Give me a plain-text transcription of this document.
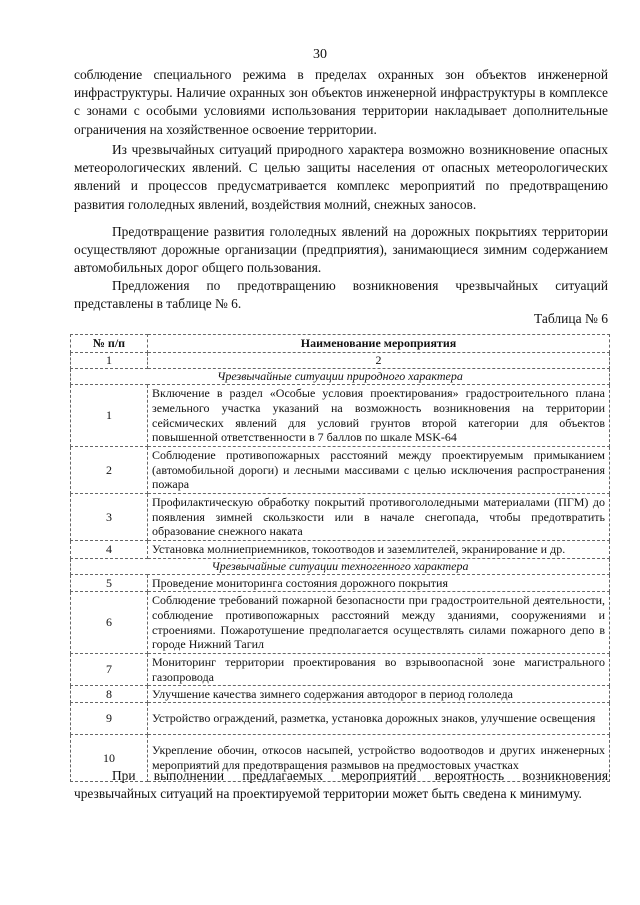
30

соблюдение специального режима в пределах охранных зон объектов инженерной инфраструктуры. Наличие охранных зон объектов инженерной инфраструктуры в комплексе с зонами с особыми условиями использования территории накладывает дополнительные ограничения на хозяйственное освоение территории.

Из чрезвычайных ситуаций природного характера возможно возникновение опасных метеорологических явлений. С целью защиты населения от опасных метеорологических явлений и процессов предусматривается комплекс мероприятий по предотвращению развития гололедных явлений, воздействия молний, снежных заносов.

Предотвращение развития гололедных явлений на дорожных покрытиях территории осуществляют дорожные организации (предприятия), занимающиеся зимним содержанием автомобильных дорог общего пользования.

Предложения по предотвращению возникновения чрезвычайных ситуаций представлены в таблице № 6.

Таблица № 6
№ п/п	Наименование мероприятия
1	2
Чрезвычайные ситуации природного характера	
1	Включение в раздел «Особые условия проектирования» градостроительного плана земельного участка указаний на возможность возникновения на территории сейсмических явлений для условий грунтов второй категории для объектов повышенной ответственности в 7 баллов по шкале MSK-64
2	Соблюдение противопожарных расстояний между проектируемым примыканием (автомобильной дороги) и лесными массивами с целью исключения распространения пожара
3	Профилактическую обработку покрытий противогололедными материалами (ПГМ) до появления зимней скользкости или в начале снегопада, чтобы предотвратить образование снежного наката
4	Установка молниеприемников, токоотводов и заземлителей, экранирование и др.
Чрезвычайные ситуации техногенного характера	
5	Проведение мониторинга состояния дорожного покрытия
6	Соблюдение требований пожарной безопасности при градостроительной деятельности, соблюдение противопожарных расстояний между зданиями, сооружениями и строениями. Пожаротушение предполагается осуществлять силами пожарного депо в городе Нижний Тагил
7	Мониторинг территории проектирования во взрывоопасной зоне магистрального газопровода
8	Улучшение качества зимнего содержания автодорог в период гололеда
9	Устройство ограждений, разметка, установка дорожных знаков, улучшение освещения
10	Укрепление обочин, откосов насыпей, устройство водоотводов и других инженерных мероприятий для предотвращения размывов на предмостовых участках

При выполнении предлагаемых мероприятий вероятность возникновения чрезвычайных ситуаций на проектируемой территории может быть сведена к минимуму.
